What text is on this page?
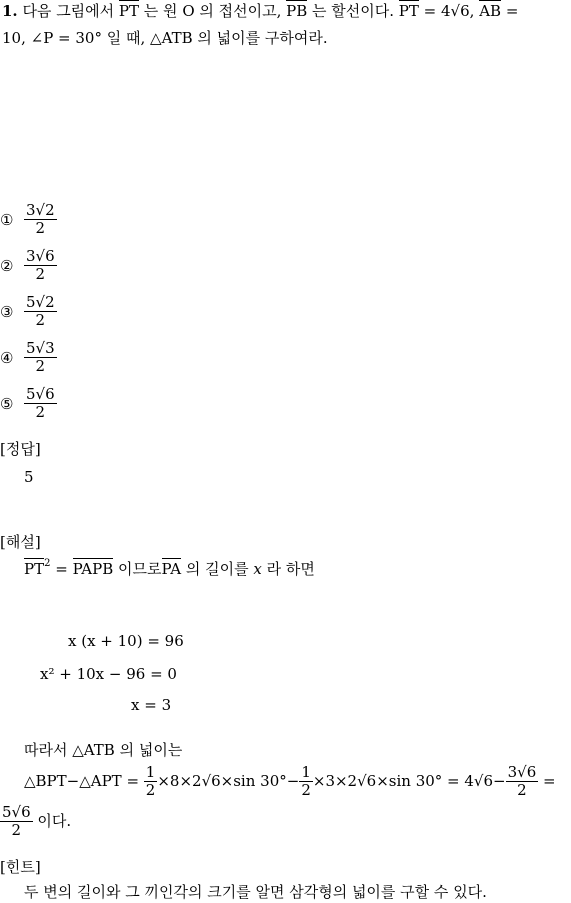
1. 다음 그림에서 PT 는 원 O 의 접선이고, PB 는 할선이다. PT = 4√6, AB =
10, ∠P = 30° 일 때, △ATB 의 넓이를 구하여라.
① $\frac{3√2}{2}$
② $\frac{3√6}{2}$
③ $\frac{5√2}{2}$
④ $\frac{5√3}{2}$
⑤ $\frac{5√6}{2}$
[정답]
5
[해설]
$PT^2$ = PAPB 이므로PA 의 길이를 x 라 하면
x (x + 10) = 96
x² + 10x − 96 = 0
x = 3
따라서 △ATB 의 넓이는
△BPT−△APT = $\frac{1}{2} \times 8\times 2√6\times\sin$ $30^\circ- \frac{1}{2} \times 3\times 2√6\times\sin$ $30^\circ = 4√6- \frac{3√6}{2}$ =
$\frac{5√6}{2}$ 이다.
[힌트]
두 변의 길이와 그 끼인각의 크기를 알면 삼각형의 넓이를 구할 수 있다.
